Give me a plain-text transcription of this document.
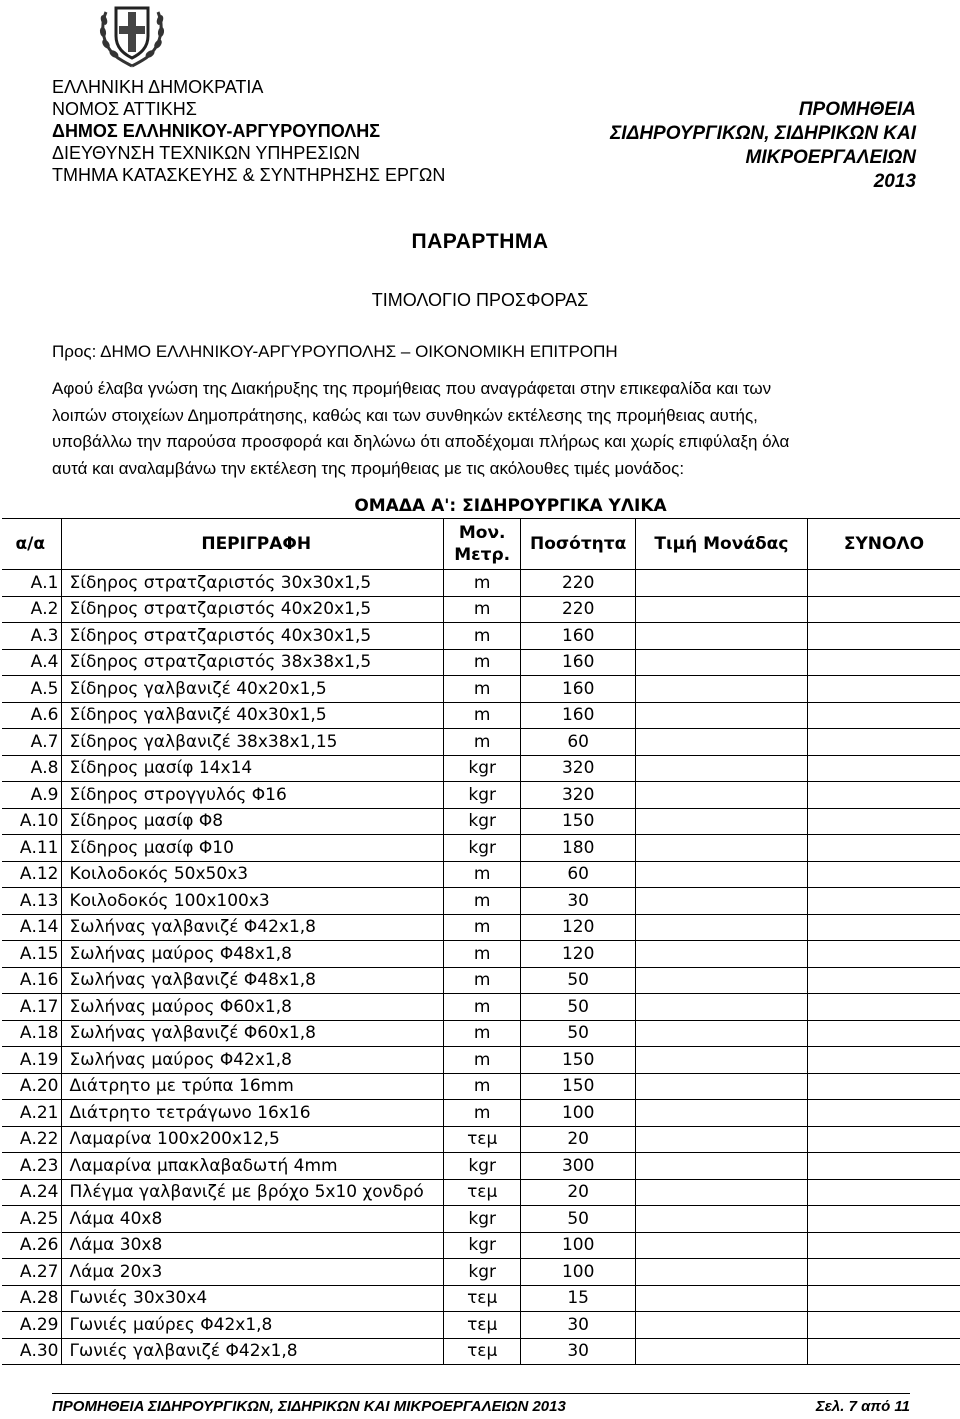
ΕΛΛΗΝΙΚΗ ΔΗΜΟΚΡΑΤΙΑ
ΝΟΜΟΣ ΑΤΤΙΚΗΣ
ΔΗΜΟΣ ΕΛΛΗΝΙΚΟΥ-ΑΡΓΥΡΟΥΠΟΛΗΣ
ΔΙΕΥΘΥΝΣΗ ΤΕΧΝΙΚΩΝ ΥΠΗΡΕΣΙΩΝ
ΤΜΗΜΑ ΚΑΤΑΣΚΕΥΗΣ & ΣΥΝΤΗΡΗΣΗΣ ΕΡΓΩΝ
ΠΡΟΜΗΘΕΙΑ
ΣΙΔΗΡΟΥΡΓΙΚΩΝ, ΣΙΔΗΡΙΚΩΝ ΚΑΙ
ΜΙΚΡΟΕΡΓΑΛΕΙΩΝ
2013
ΠΑΡΑΡΤΗΜΑ
ΤΙΜΟΛΟΓΙΟ ΠΡΟΣΦΟΡΑΣ
Προς: ΔΗΜΟ ΕΛΛΗΝΙΚΟΥ-ΑΡΓΥΡΟΥΠΟΛΗΣ – ΟΙΚΟΝΟΜΙΚΗ ΕΠΙΤΡΟΠΗ
Αφού έλαβα γνώση της Διακήρυξης της προμήθειας που αναγράφεται στην επικεφαλίδα και των
λοιπών στοιχείων Δημοπράτησης, καθώς και των συνθηκών εκτέλεσης της προμήθειας αυτής,
υποβάλλω την παρούσα προσφορά και δηλώνω ότι αποδέχομαι πλήρως και χωρίς επιφύλαξη όλα
αυτά και αναλαμβάνω την εκτέλεση της προμήθειας με τις ακόλουθες τιμές μονάδος:
	ΟΜΑΔΑ Α': ΣΙΔΗΡΟΥΡΓΙΚΑ ΥΛΙΚΑ				
α/α	ΠΕΡΙΓΡΑΦΗ	Μον.
Μετρ.	Ποσότητα	Τιμή Μονάδας	ΣΥΝΟΛΟ
Α.1	Σίδηρος στρατζαριστός 30x30x1,5	m	220		
Α.2	Σίδηρος στρατζαριστός 40x20x1,5	m	220		
Α.3	Σίδηρος στρατζαριστός 40x30x1,5	m	160		
Α.4	Σίδηρος στρατζαριστός 38x38x1,5	m	160		
Α.5	Σίδηρος γαλβανιζέ 40x20x1,5	m	160		
Α.6	Σίδηρος γαλβανιζέ 40x30x1,5	m	160		
Α.7	Σίδηρος γαλβανιζέ 38x38x1,15	m	60		
Α.8	Σίδηρος μασίφ 14x14	kgr	320		
Α.9	Σίδηρος στρογγυλός Φ16	kgr	320		
Α.10	Σίδηρος μασίφ Φ8	kgr	150		
Α.11	Σίδηρος μασίφ Φ10	kgr	180		
Α.12	Κοιλοδοκός 50x50x3	m	60		
Α.13	Κοιλοδοκός 100x100x3	m	30		
Α.14	Σωλήνας γαλβανιζέ Φ42x1,8	m	120		
Α.15	Σωλήνας μαύρος Φ48x1,8	m	120		
Α.16	Σωλήνας γαλβανιζέ Φ48x1,8	m	50		
Α.17	Σωλήνας μαύρος Φ60x1,8	m	50		
Α.18	Σωλήνας γαλβανιζέ Φ60x1,8	m	50		
Α.19	Σωλήνας μαύρος Φ42x1,8	m	150		
Α.20	Διάτρητο με τρύπα 16mm	m	150		
Α.21	Διάτρητο τετράγωνο 16x16	m	100		
Α.22	Λαμαρίνα 100x200x12,5	τεμ	20		
Α.23	Λαμαρίνα μπακλαβαδωτή 4mm	kgr	300		
Α.24	Πλέγμα γαλβανιζέ με βρόχο 5x10 χονδρό	τεμ	20		
Α.25	Λάμα 40x8	kgr	50		
Α.26	Λάμα 30x8	kgr	100		
Α.27	Λάμα 20x3	kgr	100		
Α.28	Γωνιές 30x30x4	τεμ	15		
Α.29	Γωνιές μαύρες Φ42x1,8	τεμ	30		
Α.30	Γωνιές γαλβανιζέ Φ42x1,8	τεμ	30		
ΠΡΟΜΗΘΕΙΑ ΣΙΔΗΡΟΥΡΓΙΚΩΝ, ΣΙΔΗΡΙΚΩΝ ΚΑΙ ΜΙΚΡΟΕΡΓΑΛΕΙΩΝ 2013	Σελ. 7 από 11
